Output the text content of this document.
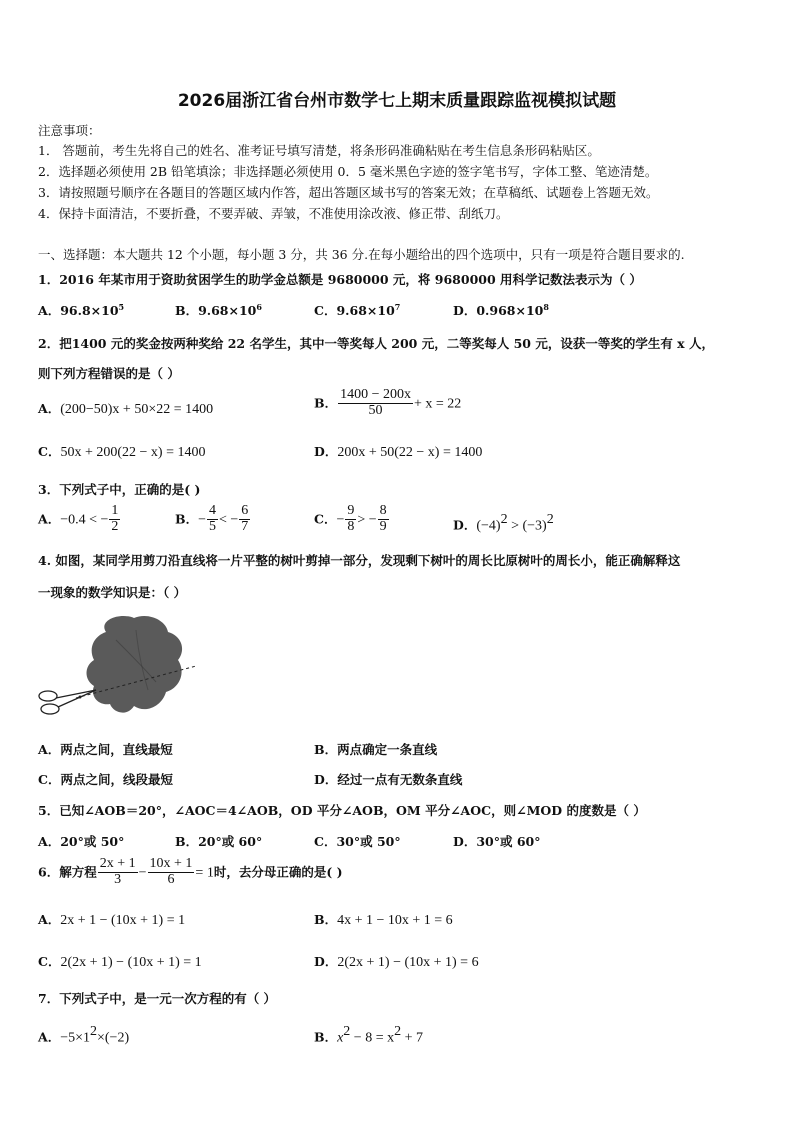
2026届浙江省台州市数学七上期末质量跟踪监视模拟试题
注意事项：
1． 答题前，考生先将自己的姓名、准考证号填写清楚，将条形码准确粘贴在考生信息条形码粘贴区。
2．选择题必须使用 2B 铅笔填涂；非选择题必须使用 0．5 毫米黑色字迹的签字笔书写，字体工整、笔迹清楚。
3．请按照题号顺序在各题目的答题区域内作答，超出答题区域书写的答案无效；在草稿纸、试题卷上答题无效。
4．保持卡面清洁，不要折叠，不要弄破、弄皱，不准使用涂改液、修正带、刮纸刀。
一、选择题：本大题共 12 个小题，每小题 3 分，共 36 分.在每小题给出的四个选项中，只有一项是符合题目要求的.
1．2016 年某市用于资助贫困学生的助学金总额是 9680000 元，将 9680000 用科学记数法表示为（ ）
A．$96.8\times 10^5$	B．$9.68\times 10^6$	C．$9.68\times 10^7$	D．$0.968\times 10^8$
2．把1400 元的奖金按两种奖给 22 名学生，其中一等奖每人 200 元，二等奖每人 50 元，设获一等奖的学生有 x 人，
则下列方程错误的是（ ）
A．(200−50)x + 50×22 = 1400	B． $\frac{1400 - 200x}{50} + x = 22$
C．50x + 200(22 − x) = 1400	D．200x + 50(22 − x) = 1400
3．下列式子中，正确的是( )
A．−0.4 < − $\frac{1}{2}$	B．− $\frac{4}{5}$ < − $\frac{6}{7}$	C．− $\frac{9}{8}$ > − $\frac{8}{9}$	D．$(-4)^2 > (-3)^2$
4. 如图，某同学用剪刀沿直线将一片平整的树叶剪掉一部分，发现剩下树叶的周长比原树叶的周长小，能正确解释这
一现象的数学知识是：（ ）
A．两点之间，直线最短	B．两点确定一条直线
C．两点之间，线段最短	D．经过一点有无数条直线
5．已知∠AOB＝20°，∠AOC＝4∠AOB，OD 平分∠AOB，OM 平分∠AOC，则∠MOD 的度数是（ ）
A．20°或 50°	B．20°或 60°	C．30°或 50°	D．30°或 60°
6．解方程 $\frac{2x + 1}{3} - \frac{10x + 1}{6} = 1$时，去分母正确的是( )
A．2x + 1 − (10x + 1) = 1	B．4x + 1 − 10x + 1 = 6
C．2(2x + 1) − (10x + 1) = 1	D．2(2x + 1) − (10x + 1) = 6
7．下列式子中，是一元一次方程的有（ ）
A．$-5\times 1^2\times(-2)$	B．$x^2 - 8 = x^2 + 7$
